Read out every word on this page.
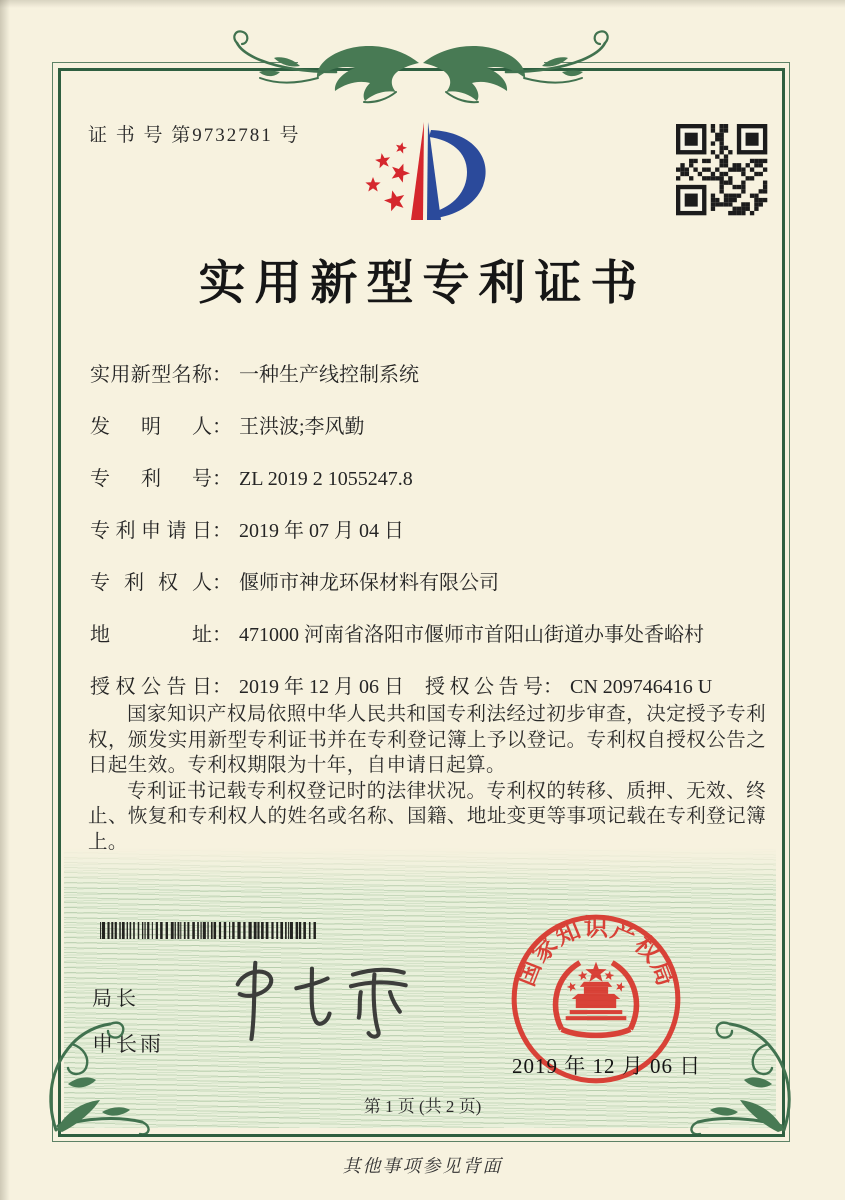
证 书 号 第9732781 号
实用新型专利证书
实用新型名称： 一种生产线控制系统
发明人： 王洪波;李风勤
专利号： ZL 2019 2 1055247.8
专利申请日： 2019 年 07 月 04 日
专利权人： 偃师市神龙环保材料有限公司
地址： 471000 河南省洛阳市偃师市首阳山街道办事处香峪村
授权公告日： 2019 年 12 月 06 日 授权公告号： CN 209746416 U

国家知识产权局依照中华人民共和国专利法经过初步审查，决定授予专利权，颁发实用新型专利证书并在专利登记簿上予以登记。专利权自授权公告之日起生效。专利权期限为十年，自申请日起算。

专利证书记载专利权登记时的法律状况。专利权的转移、质押、无效、终止、恢复和专利权人的姓名或名称、国籍、地址变更等事项记载在专利登记簿上。

局长
申长雨
国家知识产权局
2019 年 12 月 06 日
第 1 页 (共 2 页)
其他事项参见背面
